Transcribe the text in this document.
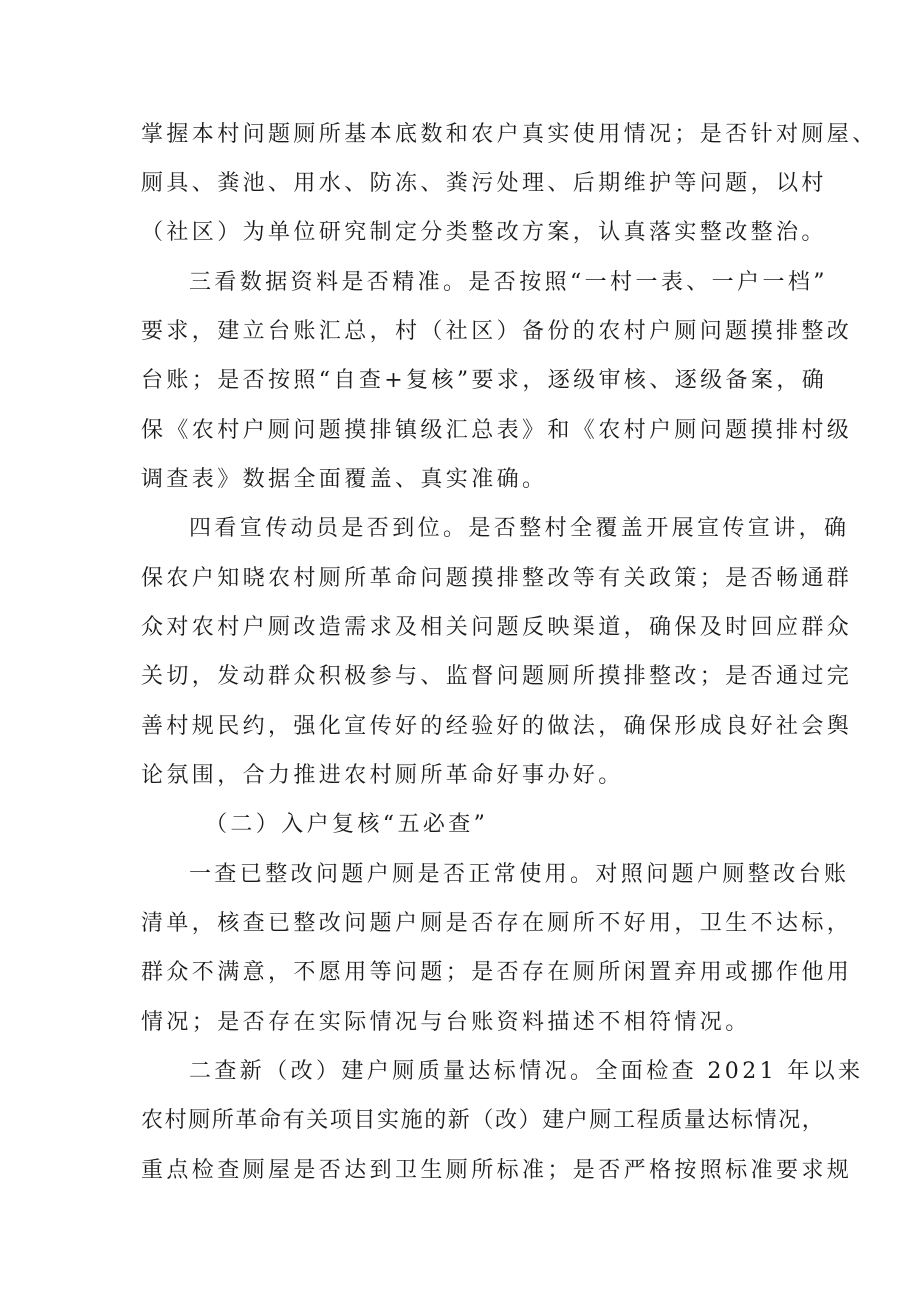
掌握本村问题厕所基本底数和农户真实使用情况；是否针对厕屋、
厕具、粪池、用水、防冻、粪污处理、后期维护等问题，以村
（社区）为单位研究制定分类整改方案，认真落实整改整治。
三看数据资料是否精准。是否按照“一村一表、一户一档”
要求，建立台账汇总，村（社区）备份的农村户厕问题摸排整改
台账；是否按照“自查+复核”要求，逐级审核、逐级备案，确
保《农村户厕问题摸排镇级汇总表》和《农村户厕问题摸排村级
调查表》数据全面覆盖、真实准确。
四看宣传动员是否到位。是否整村全覆盖开展宣传宣讲，确
保农户知晓农村厕所革命问题摸排整改等有关政策；是否畅通群
众对农村户厕改造需求及相关问题反映渠道，确保及时回应群众
关切，发动群众积极参与、监督问题厕所摸排整改；是否通过完
善村规民约，强化宣传好的经验好的做法，确保形成良好社会舆
论氛围，合力推进农村厕所革命好事办好。
（二）入户复核“五必查”
一查已整改问题户厕是否正常使用。对照问题户厕整改台账
清单，核查已整改问题户厕是否存在厕所不好用，卫生不达标，
群众不满意，不愿用等问题；是否存在厕所闲置弃用或挪作他用
情况；是否存在实际情况与台账资料描述不相符情况。
二查新（改）建户厕质量达标情况。全面检查 2021 年以来
农村厕所革命有关项目实施的新（改）建户厕工程质量达标情况，
重点检查厕屋是否达到卫生厕所标准；是否严格按照标准要求规
